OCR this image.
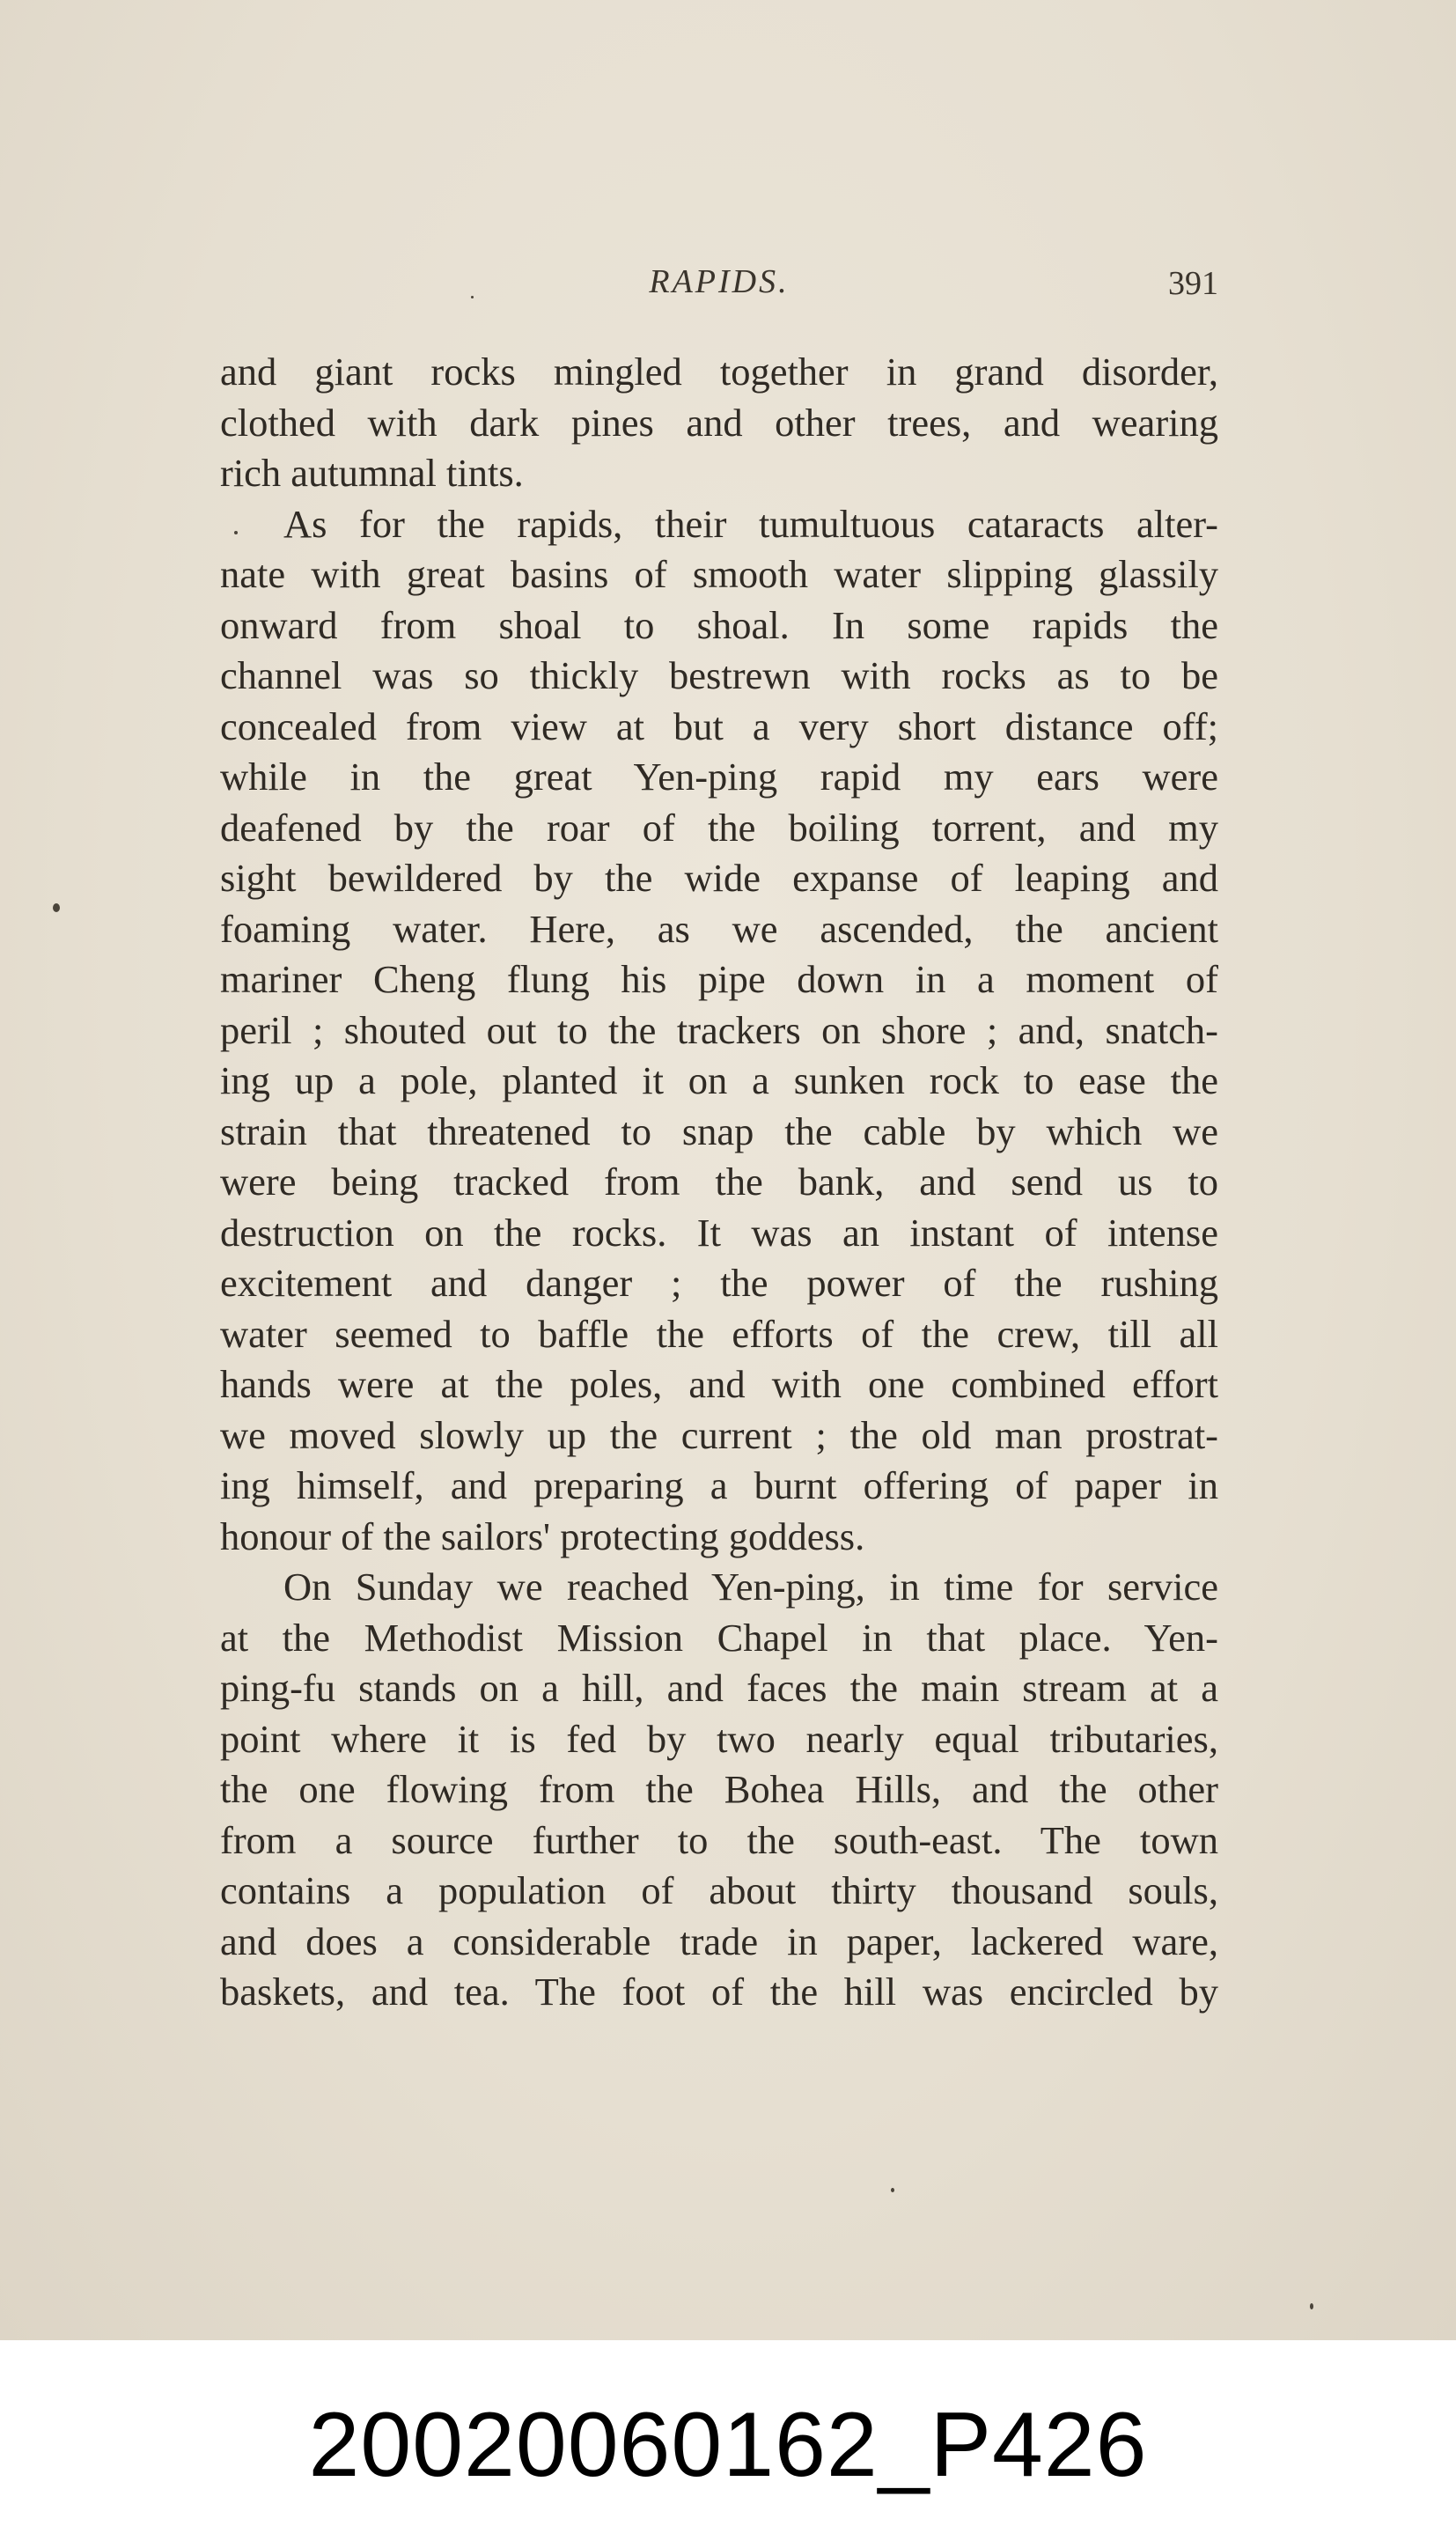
RAPIDS.	391
and giant rocks mingled together in grand disorder,
clothed with dark pines and other trees, and wearing
rich autumnal tints.
As for the rapids, their tumultuous cataracts alter-
nate with great basins of smooth water slipping glassily
onward from shoal to shoal. In some rapids the
channel was so thickly bestrewn with rocks as to be
concealed from view at but a very short distance off;
while in the great Yen-ping rapid my ears were
deafened by the roar of the boiling torrent, and my
sight bewildered by the wide expanse of leaping and
foaming water. Here, as we ascended, the ancient
mariner Cheng flung his pipe down in a moment of
peril ; shouted out to the trackers on shore ; and, snatch-
ing up a pole, planted it on a sunken rock to ease the
strain that threatened to snap the cable by which we
were being tracked from the bank, and send us to
destruction on the rocks. It was an instant of intense
excitement and danger ; the power of the rushing
water seemed to baffle the efforts of the crew, till all
hands were at the poles, and with one combined effort
we moved slowly up the current ; the old man prostrat-
ing himself, and preparing a burnt offering of paper in
honour of the sailors' protecting goddess.
On Sunday we reached Yen-ping, in time for service
at the Methodist Mission Chapel in that place. Yen-
ping-fu stands on a hill, and faces the main stream at a
point where it is fed by two nearly equal tributaries,
the one flowing from the Bohea Hills, and the other
from a source further to the south-east. The town
contains a population of about thirty thousand souls,
and does a considerable trade in paper, lackered ware,
baskets, and tea. The foot of the hill was encircled by
20020060162_P426
